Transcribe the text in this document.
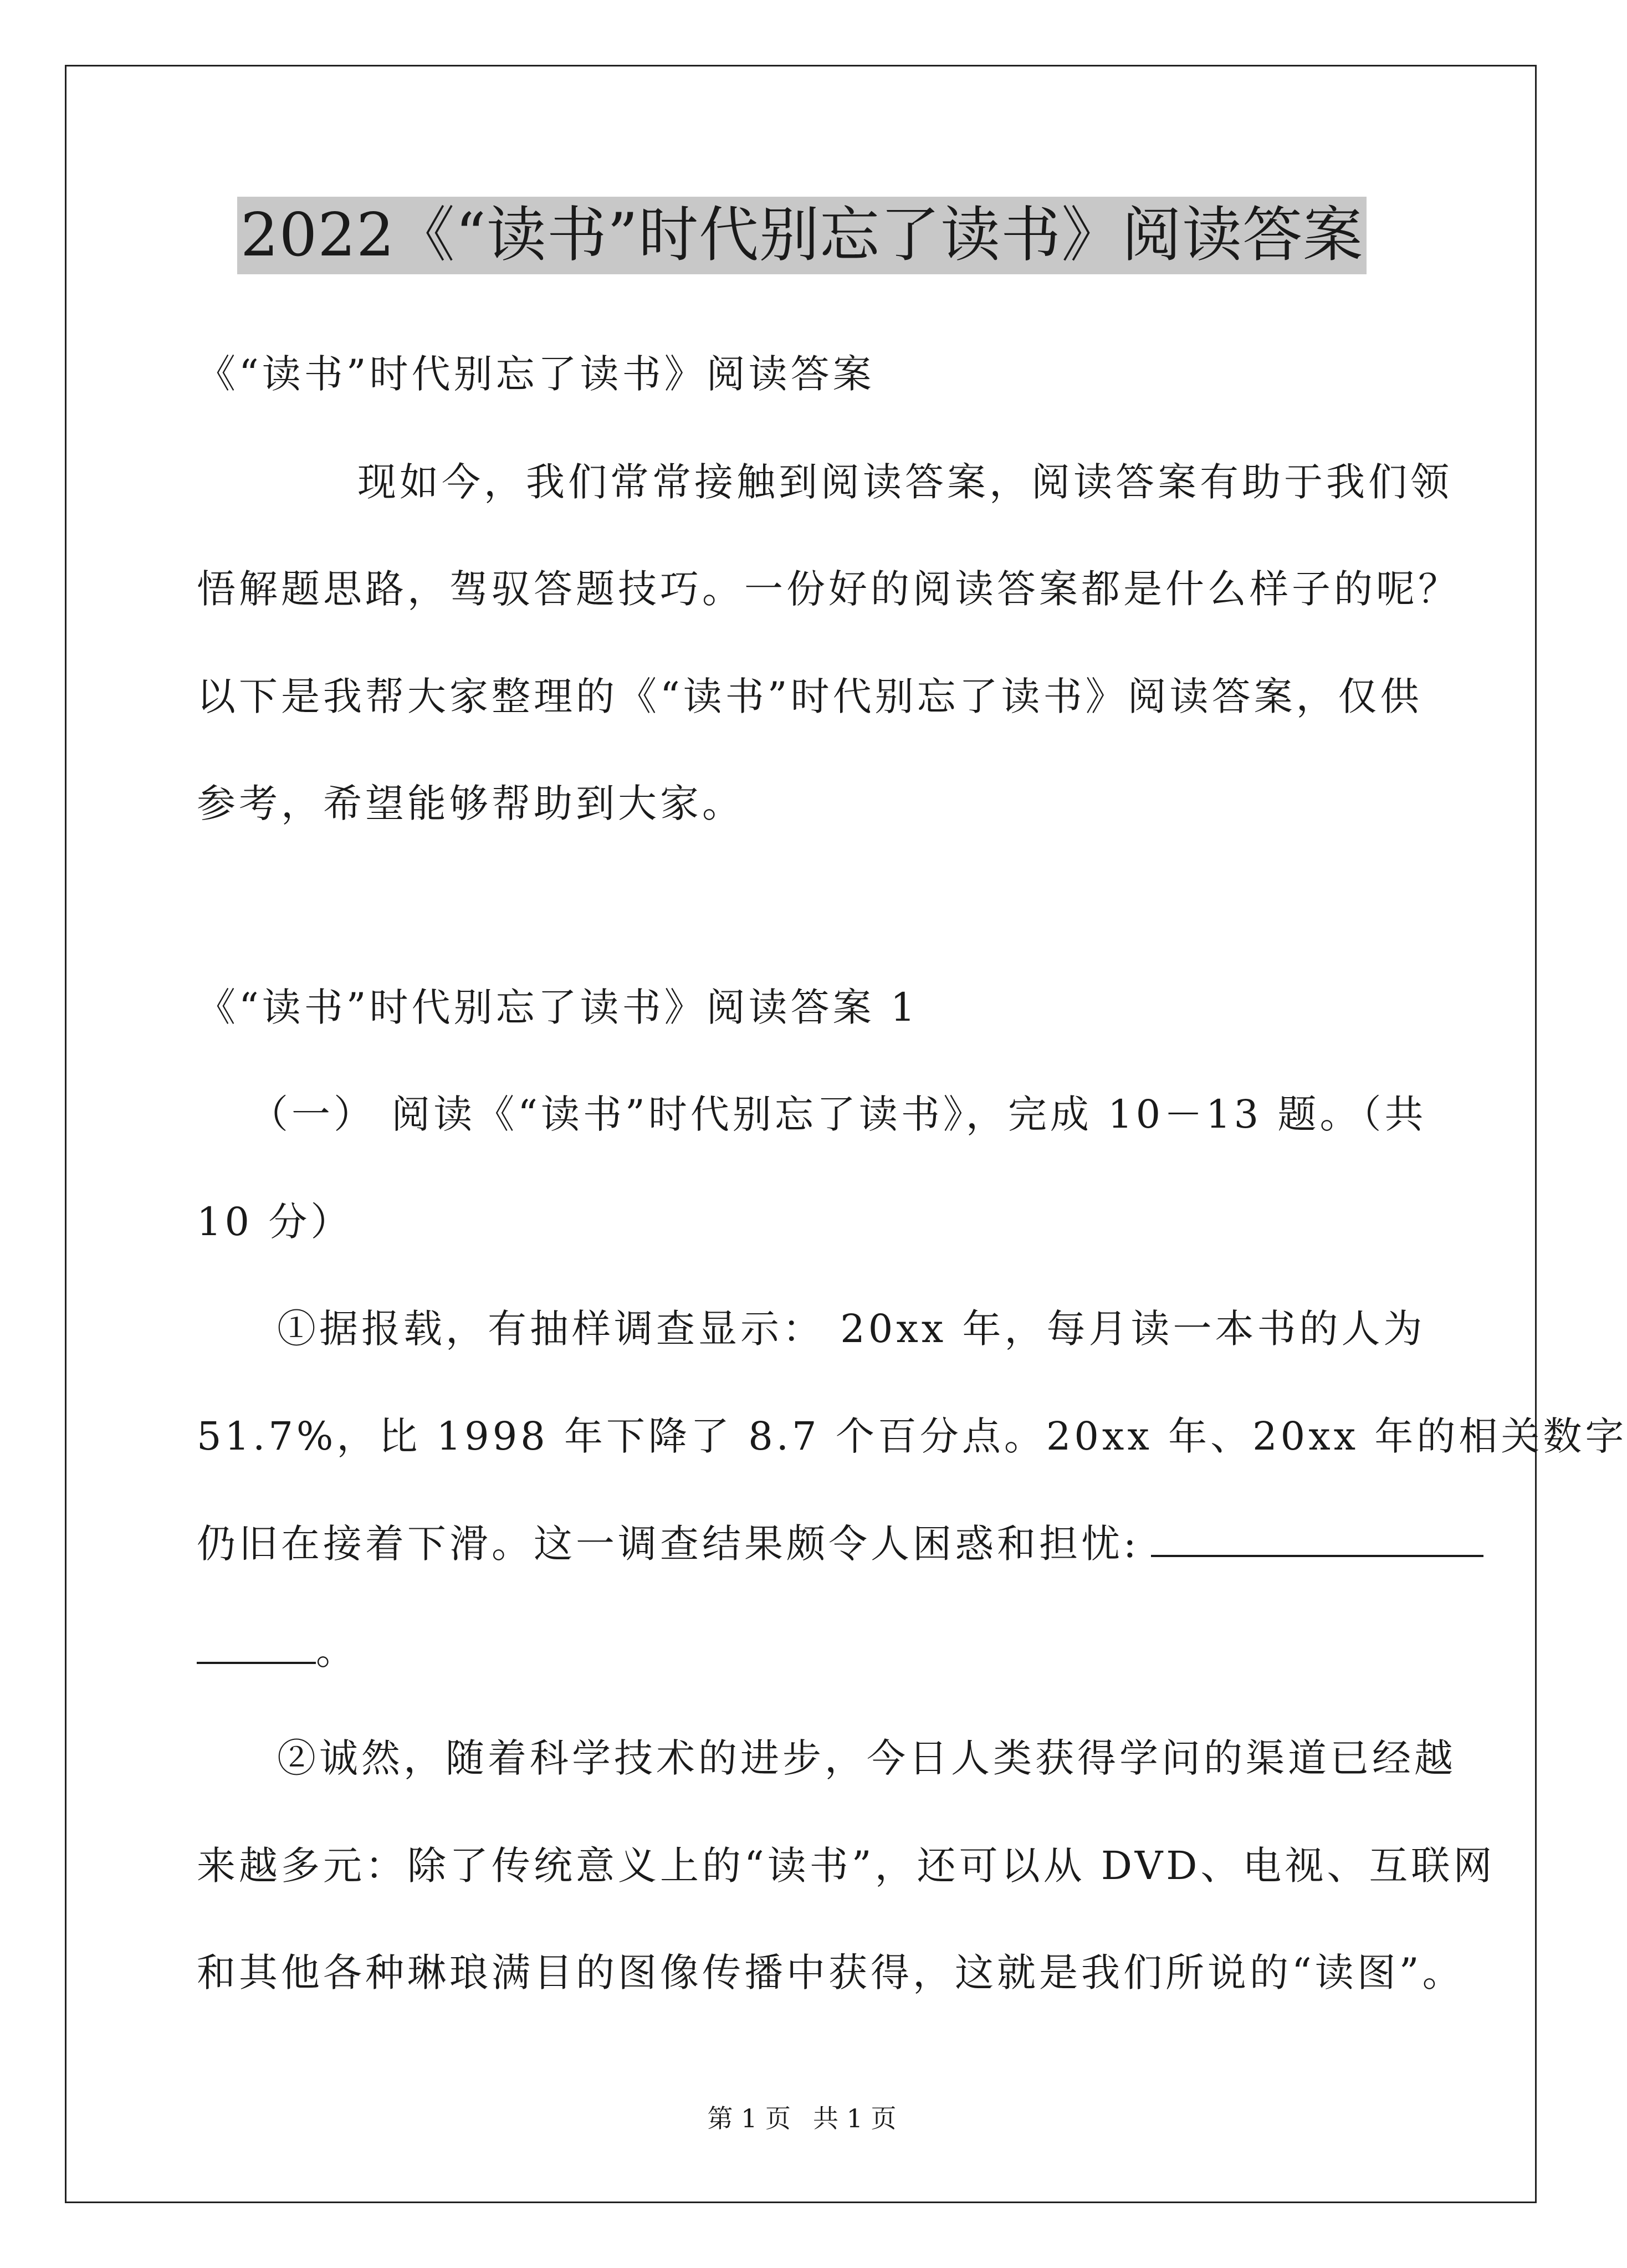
2022《“读书”时代别忘了读书》阅读答案
《“读书”时代别忘了读书》阅读答案
现如今，我们常常接触到阅读答案，阅读答案有助于我们领
悟解题思路，驾驭答题技巧。一份好的阅读答案都是什么样子的呢？
以下是我帮大家整理的《“读书”时代别忘了读书》阅读答案，仅供
参考，希望能够帮助到大家。
《“读书”时代别忘了读书》阅读答案 1
（一） 阅读《“读书”时代别忘了读书》，完成 10－13 题。（共
10 分）
①据报载，有抽样调查显示： 20xx 年，每月读一本书的人为
51.7%，比 1998 年下降了 8.7 个百分点。20xx 年、20xx 年的相关数字
仍旧在接着下滑。这一调查结果颇令人困惑和担忧:
。
②诚然，随着科学技术的进步，今日人类获得学问的渠道已经越
来越多元：除了传统意义上的“读书”，还可以从 DVD、电视、互联网
和其他各种琳琅满目的图像传播中获得，这就是我们所说的“读图”。
第 1 页 共 1 页
